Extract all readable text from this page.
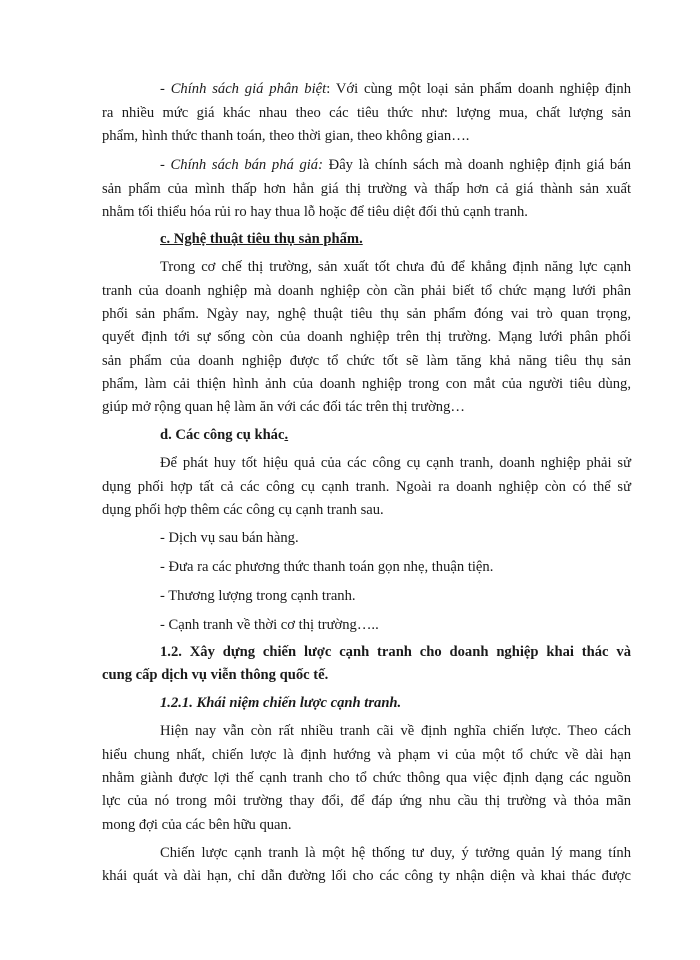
- Chính sách giá phân biệt: Với cùng một loại sản phẩm doanh nghiệp định
ra nhiều mức giá khác nhau theo các tiêu thức như: lượng mua, chất lượng sản
phẩm, hình thức thanh toán, theo thời gian, theo không gian….
- Chính sách bán phá giá: Đây là chính sách mà doanh nghiệp định giá bán
sản phẩm của mình thấp hơn hẳn giá thị trường và thấp hơn cả giá thành sản xuất
nhằm tối thiểu hóa rủi ro hay thua lỗ hoặc để tiêu diệt đối thủ cạnh tranh.
c. Nghệ thuật tiêu thụ sản phẩm.
Trong cơ chế thị trường, sản xuất tốt chưa đủ để khẳng định năng lực cạnh
tranh của doanh nghiệp mà doanh nghiệp còn cần phải biết tổ chức mạng lưới phân
phối sản phẩm. Ngày nay, nghệ thuật tiêu thụ sản phẩm đóng vai trò quan trọng,
quyết định tới sự sống còn của doanh nghiệp trên thị trường. Mạng lưới phân phối
sản phẩm của doanh nghiệp được tổ chức tốt sẽ làm tăng khả năng tiêu thụ sản
phẩm, làm cải thiện hình ảnh của doanh nghiệp trong con mắt của người tiêu dùng,
giúp mở rộng quan hệ làm ăn với các đối tác trên thị trường…
d. Các công cụ khác.
Để phát huy tốt hiệu quả của các công cụ cạnh tranh, doanh nghiệp phải sử
dụng phối hợp tất cả các công cụ cạnh tranh. Ngoài ra doanh nghiệp còn có thể sử
dụng phối hợp thêm các công cụ cạnh tranh sau.
- Dịch vụ sau bán hàng.
- Đưa ra các phương thức thanh toán gọn nhẹ, thuận tiện.
- Thương lượng trong cạnh tranh.
- Cạnh tranh về thời cơ thị trường…..
1.2. Xây dựng chiến lược cạnh tranh cho doanh nghiệp khai thác và
cung cấp dịch vụ viễn thông quốc tế.
1.2.1. Khái niệm chiến lược cạnh tranh.
Hiện nay vẫn còn rất nhiều tranh cãi về định nghĩa chiến lược. Theo cách
hiểu chung nhất, chiến lược là định hướng và phạm vi của một tổ chức về dài hạn
nhằm giành được lợi thế cạnh tranh cho tổ chức thông qua việc định dạng các nguồn
lực của nó trong môi trường thay đổi, để đáp ứng nhu cầu thị trường và thỏa mãn
mong đợi của các bên hữu quan.
Chiến lược cạnh tranh là một hệ thống tư duy, ý tưởng quản lý mang tính
khái quát và dài hạn, chỉ dẫn đường lối cho các công ty nhận diện và khai thác được
